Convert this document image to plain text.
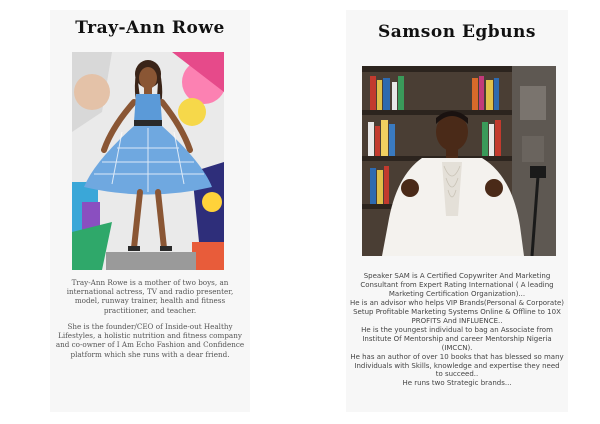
Tray-Ann Rowe

Tray-Ann Rowe is a mother of two boys, an international actress, TV and radio presenter, model, runway trainer, health and fitness practitioner, and teacher.

She is the founder/CEO of Inside-out Healthy Lifestyles, a holistic nutrition and fitness company and co-owner of I Am Echo Fashion and Confidence platform which she runs with a dear friend.

Samson Egbuns

Speaker SAM is A Certified Copywriter And Marketing Consultant from Expert Rating International ( A leading Marketing Certification Organization)...

He is an advisor who helps VIP Brands(Personal & Corporate) Setup Profitable Marketing Systems Online & Offline to 10X PROFITS And INFLUENCE..

He is the youngest individual to bag an Associate from Institute Of Mentorship and career Mentorship Nigeria (IMCCN).

He has an author of over 10 books that has blessed so many Individuals with Skills, knowledge and expertise they need to succeed..

He runs two Strategic brands...
